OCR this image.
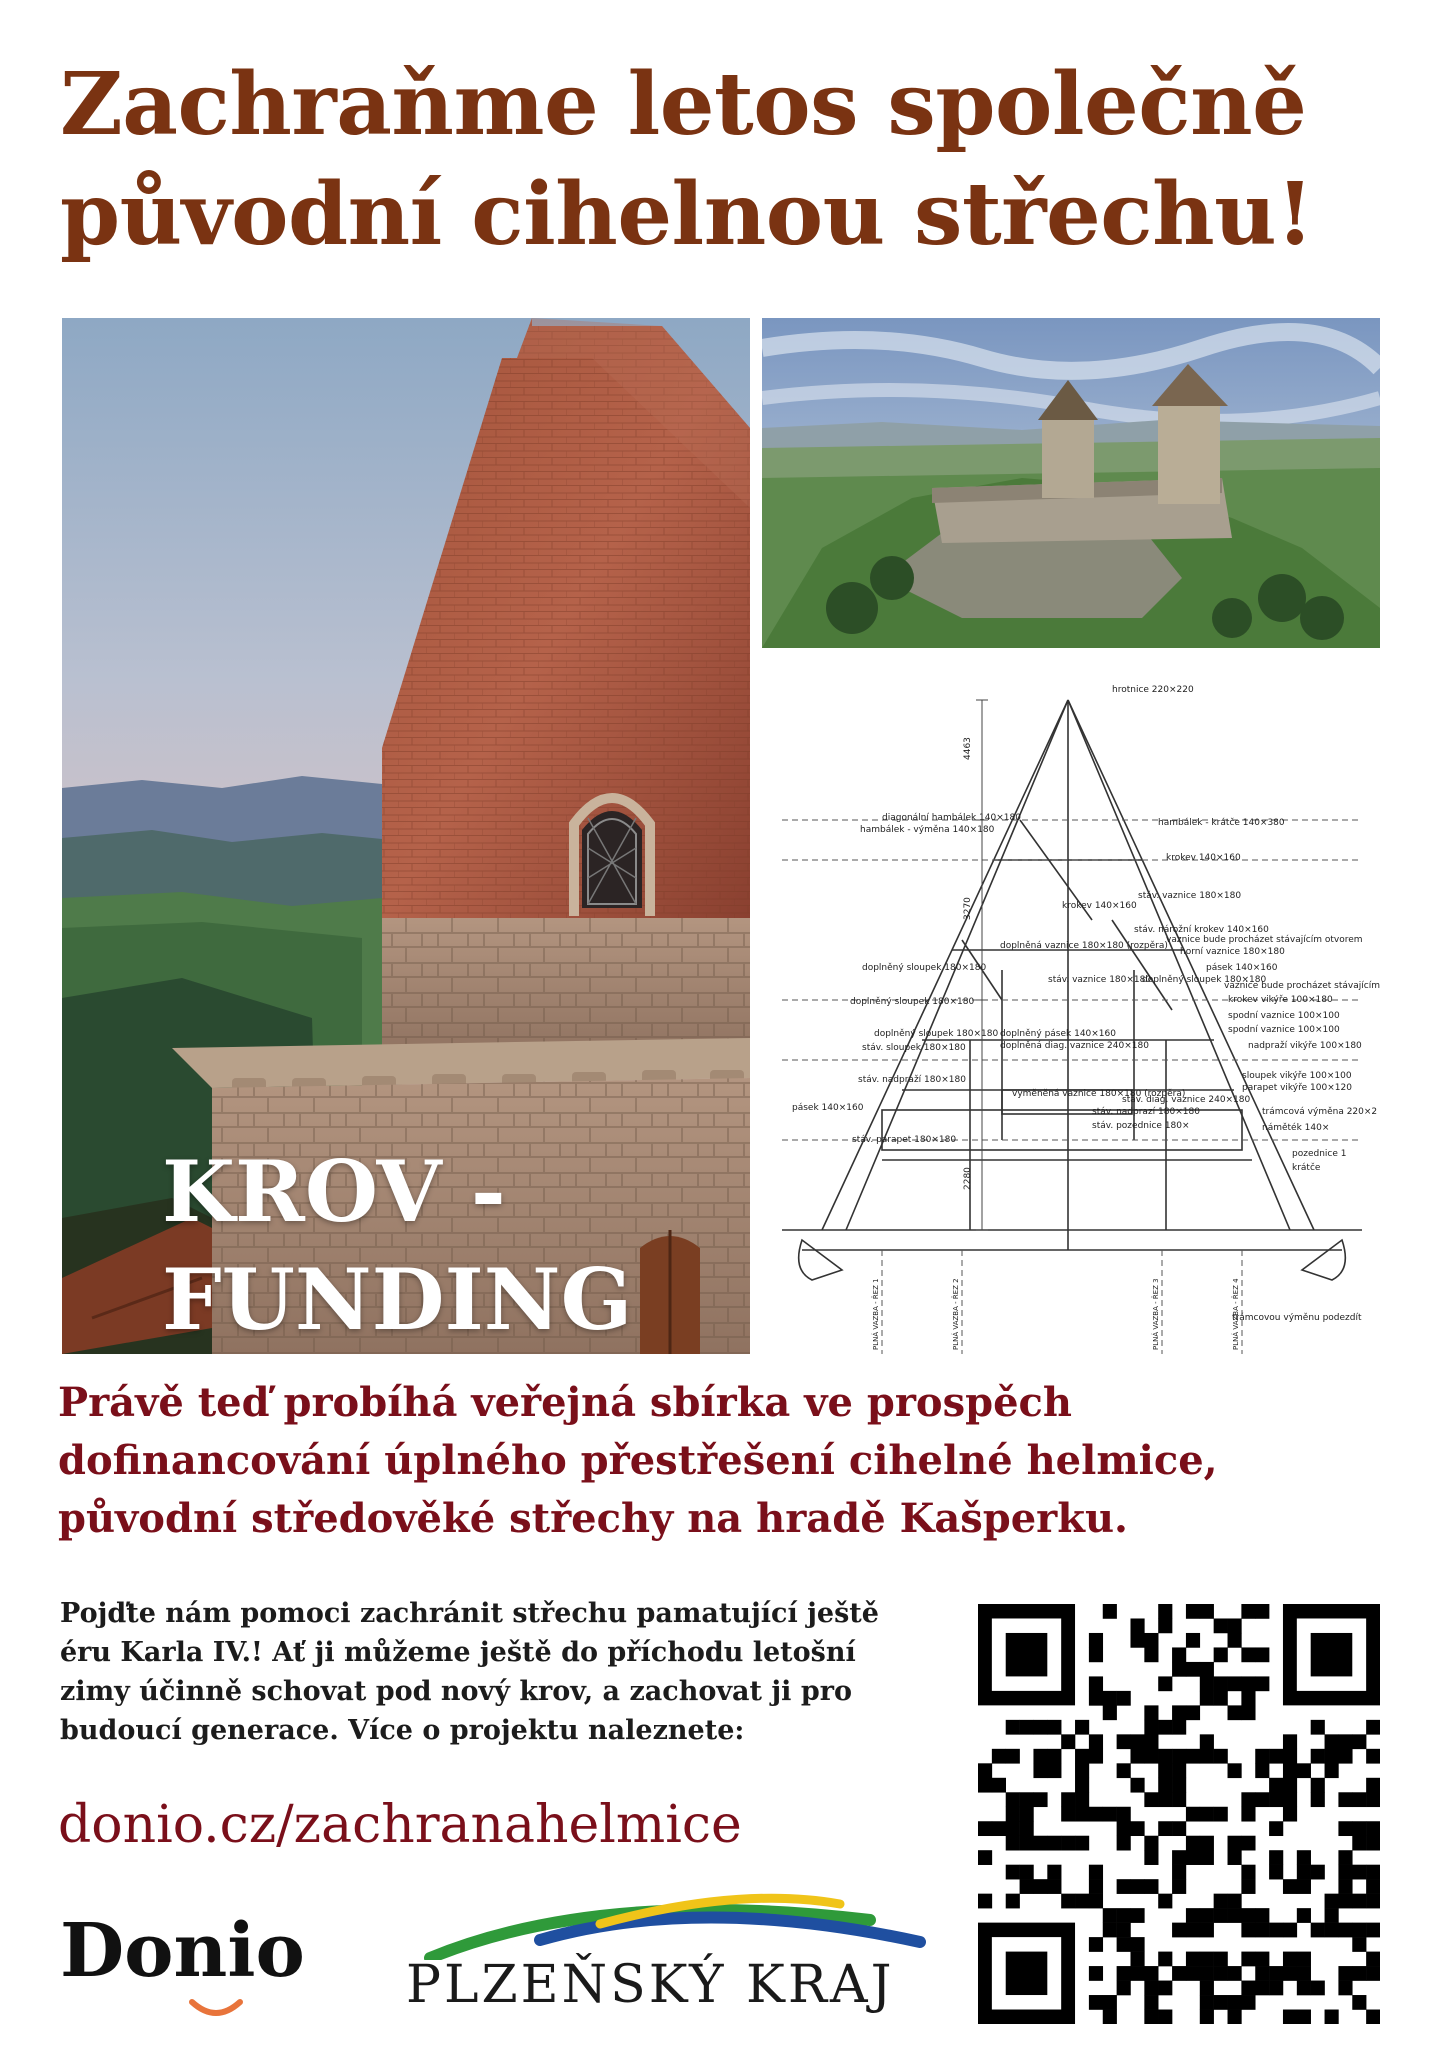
Zachraňme letos společně
původní cihelnou střechu!
KROV -
FUNDING
4463
3270
2280
hrotnice 220×220
hambálek - krátče 140×380
diagonální hambálek 140×180
hambálek - výměna 140×180
krokev 140×160
krokev 140×160
stáv. vaznice 180×180
stáv. nárožní krokev 140×160
vaznice bude procházet stávajícím otvorem
horní vaznice 180×180
doplněná vaznice 180×180 (rozpěra)
pásek 140×160
doplněný sloupek 180×180
stáv. vaznice 180×180
doplněný sloupek 180×180
doplněný sloupek 180×180
vaznice bude procházet stávajícím
krokev vikýře 100×180
spodní vaznice 100×100
spodní vaznice 100×100
nadpraží vikýře 100×180
doplněný sloupek 180×180
stáv. sloupek 180×180
doplněný pásek 140×160
doplněná diag. vaznice 240×180
sloupek vikýře 100×100
parapet vikýře 100×120
stáv. nadpraží 180×180
vyměněná vaznice 180×180 (rozpěra)
pásek 140×160	trámcová výměna 220×2
stáv. nadprazí 180×180
stáv. diag. vaznice 240×180
náměték 140×
stáv. parapet 180×180
stáv. pozednice 180×
pozednice 1
krátče
trámcovou výměnu podezdít
PLNÁ VAZBA - ŘEZ 1	PLNÁ VAZBA - ŘEZ 2	PLNÁ VAZBA - ŘEZ 3	PLNÁ VAZBA - ŘEZ 4
Právě teď probíhá veřejná sbírka ve prospěch
dofinancování úplného přestřešení cihelné helmice,
původní středověké střechy na hradě Kašperku.
Pojďte nám pomoci zachránit střechu pamatující ještě
éru Karla IV.! Ať ji můžeme ještě do příchodu letošní
zimy účinně schovat pod nový krov, a zachovat ji pro
budoucí generace. Více o projektu naleznete:
donio.cz/zachranahelmice
Donio PLZEŇSKÝ KRAJ
